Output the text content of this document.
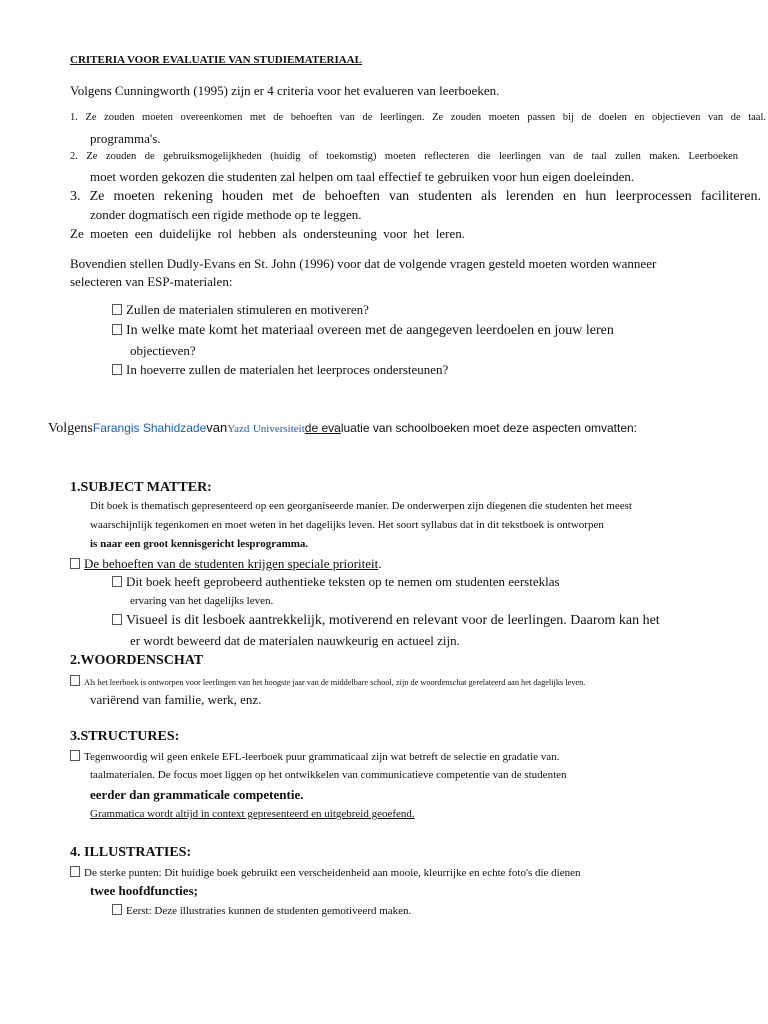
CRITERIA VOOR EVALUATIE VAN STUDIEMATERIAAL
Volgens Cunningworth (1995) zijn er 4 criteria voor het evalueren van leerboeken.
1. Ze zouden moeten overeenkomen met de behoeften van de leerlingen. Ze zouden moeten passen bij de doelen en objectieven van de taal.
programma's.
2. Ze zouden de gebruiksmogelijkheden (huidig of toekomstig) moeten reflecteren die leerlingen van de taal zullen maken. Leerboeken
moet worden gekozen die studenten zal helpen om taal effectief te gebruiken voor hun eigen doeleinden.
3. Ze moeten rekening houden met de behoeften van studenten als lerenden en hun leerprocessen faciliteren.
zonder dogmatisch een rigide methode op te leggen.
Ze moeten een duidelijke rol hebben als ondersteuning voor het leren.
Bovendien stellen Dudly-Evans en St. John (1996) voor dat de volgende vragen gesteld moeten worden wanneer
selecteren van ESP-materialen:
Zullen de materialen stimuleren en motiveren?
In welke mate komt het materiaal overeen met de aangegeven leerdoelen en jouw leren
objectieven?
In hoeverre zullen de materialen het leerproces ondersteunen?
VolgensFarangis ShahidzadevanYazd Universiteitde evaluatie van schoolboeken moet deze aspecten omvatten:
1.SUBJECT MATTER:
Dit boek is thematisch gepresenteerd op een georganiseerde manier. De onderwerpen zijn diegenen die studenten het meest
waarschijnlijk tegenkomen en moet weten in het dagelijks leven. Het soort syllabus dat in dit tekstboek is ontworpen
is naar een groot kennisgericht lesprogramma.
De behoeften van de studenten krijgen speciale prioriteit.
Dit boek heeft geprobeerd authentieke teksten op te nemen om studenten eersteklas
ervaring van het dagelijks leven.
Visueel is dit lesboek aantrekkelijk, motiverend en relevant voor de leerlingen. Daarom kan het
er wordt beweerd dat de materialen nauwkeurig en actueel zijn.
2.WOORDENSCHAT
Als het leerboek is ontworpen voor leerlingen van het hoogste jaar van de middelbare school, zijn de woordenschat gerelateerd aan het dagelijks leven.
variërend van familie, werk, enz.
3.STRUCTURES:
Tegenwoordig wil geen enkele EFL-leerboek puur grammaticaal zijn wat betreft de selectie en gradatie van.
taalmaterialen. De focus moet liggen op het ontwikkelen van communicatieve competentie van de studenten
eerder dan grammaticale competentie.
Grammatica wordt altijd in context gepresenteerd en uitgebreid geoefend.
4. ILLUSTRATIES:
De sterke punten: Dit huidige boek gebruikt een verscheidenheid aan mooie, kleurrijke en echte foto's die dienen
twee hoofdfuncties;
Eerst: Deze illustraties kunnen de studenten gemotiveerd maken.
